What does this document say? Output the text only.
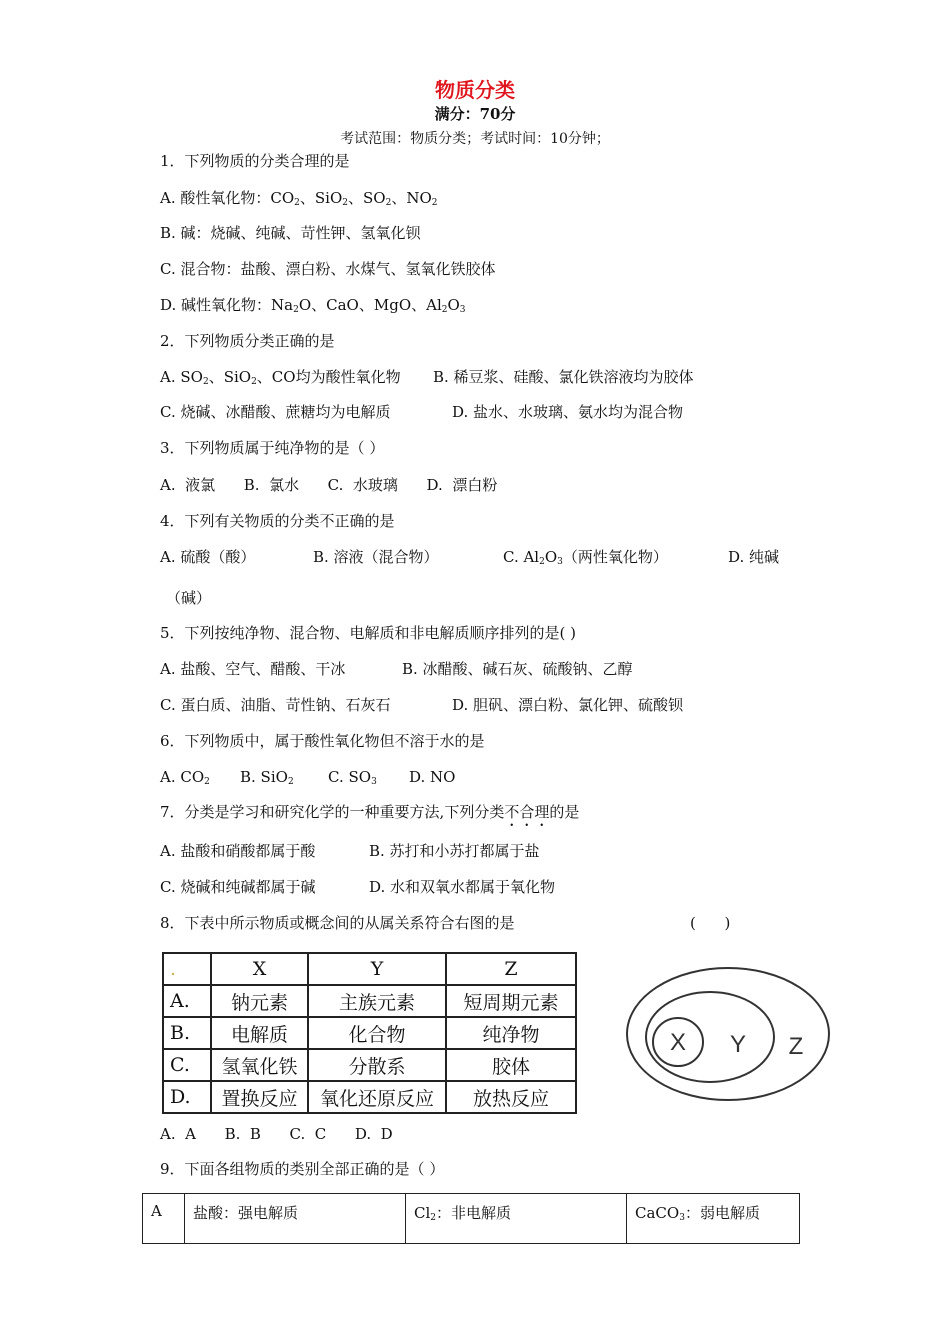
物质分类
满分：70分
考试范围：物质分类；考试时间：10分钟；
1．下列物质的分类合理的是
A. 酸性氧化物：$CO_2$、SiO$_2$、$SO_2$、$NO_2$
B. 碱：烧碱、纯碱、苛性钾、氢氧化钡
C. 混合物：盐酸、漂白粉、水煤气、氢氧化铁胶体
D. 碱性氧化物：$Na_2O$、CaO、MgO、$Al_2O_3$
2．下列物质分类正确的是
A. $SO_2$、SiO$_2$、CO均为酸性氧化物 B. 稀豆浆、硅酸、氯化铁溶液均为胶体
C. 烧碱、冰醋酸、蔗糖均为电解质	D. 盐水、水玻璃、氨水均为混合物
3．下列物质属于纯净物的是（ ）
A.  液氯      B.  氯水      C.  水玻璃      D.  漂白粉
4．下列有关物质的分类不正确的是
A. 硫酸（酸）	B. 溶液（混合物）	C. $Al_2O_3$（两性氧化物）	D. 纯碱
（碱）
5．下列按纯净物、混合物、电解质和非电解质顺序排列的是( )
A. 盐酸、空气、醋酸、干冰	B. 冰醋酸、碱石灰、硫酸钠、乙醇
C. 蛋白质、油脂、苛性钠、石灰石	D. 胆矾、漂白粉、氯化钾、硫酸钡
6．下列物质中，属于酸性氧化物但不溶于水的是
A. $CO_2$ B. SiO$_2$ C. $SO_3$ D. NO
7．分类是学习和研究化学的一种重要方法,下列分类不合理的是
A. 盐酸和硝酸都属于酸	B. 苏打和小苏打都属于盐
C. 烧碱和纯碱都属于碱	D. 水和双氧水都属于氧化物
8．下表中所示物质或概念间的从属关系符合右图的是	(      )
.	X	Y	Z
A.	钠元素	主族元素	短周期元素
B.	电解质	化合物	纯净物
C.	氢氧化铁	分散系	胶体
D.	置换反应	氧化还原反应	放热反应
X Y Z
A.  A      B.  B      C.  C      D.  D
9．下面各组物质的类别全部正确的是（ ）
A	盐酸：强电解质	$Cl_2$：非电解质	CaCO$_3$：弱电解质
